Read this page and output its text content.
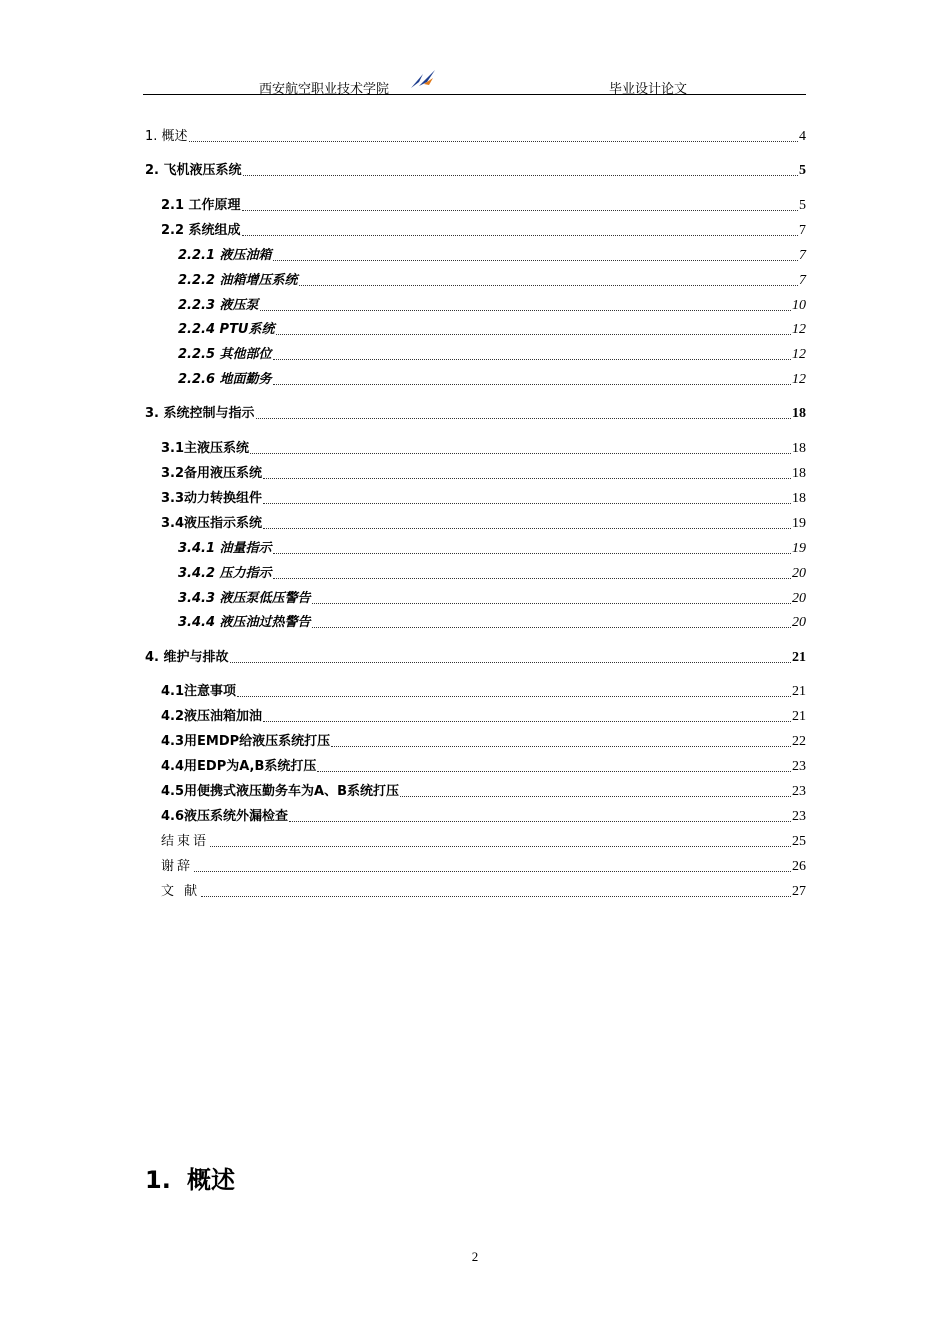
西安航空职业技术学院	毕业设计论文
1. 概述	4
2. 飞机液压系统	5
2.1 工作原理	5
2.2 系统组成	7
2.2.1 液压油箱	7
2.2.2 油箱增压系统	7
2.2.3 液压泵	10
2.2.4 PTU系统	12
2.2.5 其他部位	12
2.2.6 地面勤务	12
3. 系统控制与指示	18
3.1主液压系统	18
3.2备用液压系统	18
3.3动力转换组件	18
3.4液压指示系统	19
3.4.1 油量指示	19
3.4.2 压力指示	20
3.4.3 液压泵低压警告	20
3.4.4 液压油过热警告	20
4. 维护与排故	21
4.1注意事项	21
4.2液压油箱加油	21
4.3用EMDP给液压系统打压	22
4.4用EDP为A,B系统打压	23
4.5用便携式液压勤务车为A、B系统打压	23
4.6液压系统外漏检查	23
结束语	25
谢辞	26
文 献	27
1. 概述
2
